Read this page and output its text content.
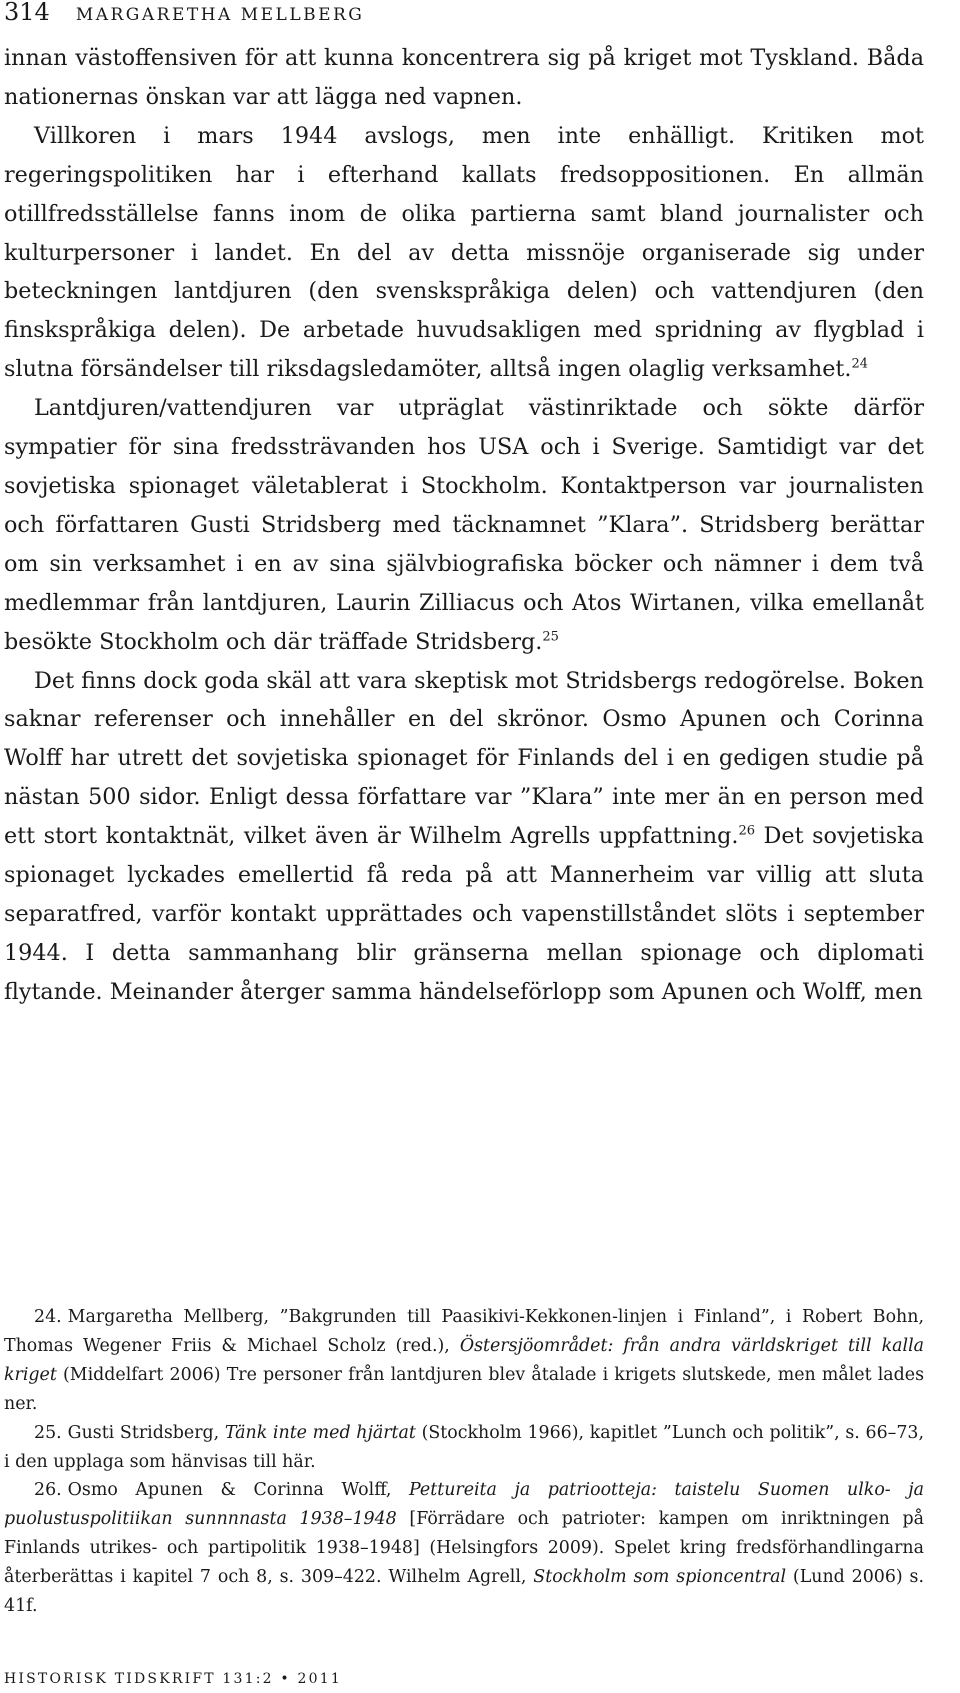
314 MARGARETHA MELLBERG

innan västoffensiven för att kunna koncentrera sig på kriget mot Tyskland. Båda nationernas önskan var att lägga ned vapnen.

Villkoren i mars 1944 avslogs, men inte enhälligt. Kritiken mot regeringspolitiken har i efterhand kallats fredsoppositionen. En allmän otillfredsställelse fanns inom de olika partierna samt bland journalister och kulturpersoner i landet. En del av detta missnöje organiserade sig under beteckningen lantdjuren (den svenskspråkiga delen) och vattendjuren (den finskspråkiga delen). De arbetade huvudsakligen med spridning av flygblad i slutna försändelser till riksdagsledamöter, alltså ingen olaglig verksamhet.$^{24}$

Lantdjuren/vattendjuren var utpräglat västinriktade och sökte därför sympatier för sina fredssträvanden hos USA och i Sverige. Samtidigt var det sovjetiska spionaget väletablerat i Stockholm. Kontaktperson var journalisten och författaren Gusti Stridsberg med täcknamnet ”Klara”. Stridsberg berättar om sin verksamhet i en av sina självbiografiska böcker och nämner i dem två medlemmar från lantdjuren, Laurin Zilliacus och Atos Wirtanen, vilka emellanåt besökte Stockholm och där träffade Stridsberg.$^{25}$

Det finns dock goda skäl att vara skeptisk mot Stridsbergs redogörelse. Boken saknar referenser och innehåller en del skrönor. Osmo Apunen och Corinna Wolff har utrett det sovjetiska spionaget för Finlands del i en gedigen studie på nästan 500 sidor. Enligt dessa författare var ”Klara” inte mer än en person med ett stort kontaktnät, vilket även är Wilhelm Agrells uppfattning.$^{26}$ Det sovjetiska spionaget lyckades emellertid få reda på att Mannerheim var villig att sluta separatfred, varför kontakt upprättades och vapenstillståndet slöts i september 1944. I detta sammanhang blir gränserna mellan spionage och diplomati flytande. Meinander återger samma händelseförlopp som Apunen och Wolff, men

24. Margaretha Mellberg, ”Bakgrunden till Paasikivi-Kekkonen-linjen i Finland”, i Robert Bohn, Thomas Wegener Friis & Michael Scholz (red.), Östersjöområdet: från andra världskriget till kalla kriget (Middelfart 2006) Tre personer från lantdjuren blev åtalade i krigets slutskede, men målet lades ner.

25. Gusti Stridsberg, Tänk inte med hjärtat (Stockholm 1966), kapitlet ”Lunch och politik”, s. 66–73, i den upplaga som hänvisas till här.

26. Osmo Apunen & Corinna Wolff, Pettureita ja patriootteja: taistelu Suomen ulko- ja puolustuspolitiikan sunnnnasta 1938–1948 [Förrädare och patrioter: kampen om inriktningen på Finlands utrikes- och partipolitik 1938–1948] (Helsingfors 2009). Spelet kring fredsförhandlingarna återberättas i kapitel 7 och 8, s. 309–422. Wilhelm Agrell, Stockholm som spioncentral (Lund 2006) s. 41f.

HISTORISK TIDSKRIFT 131:2 • 2011
